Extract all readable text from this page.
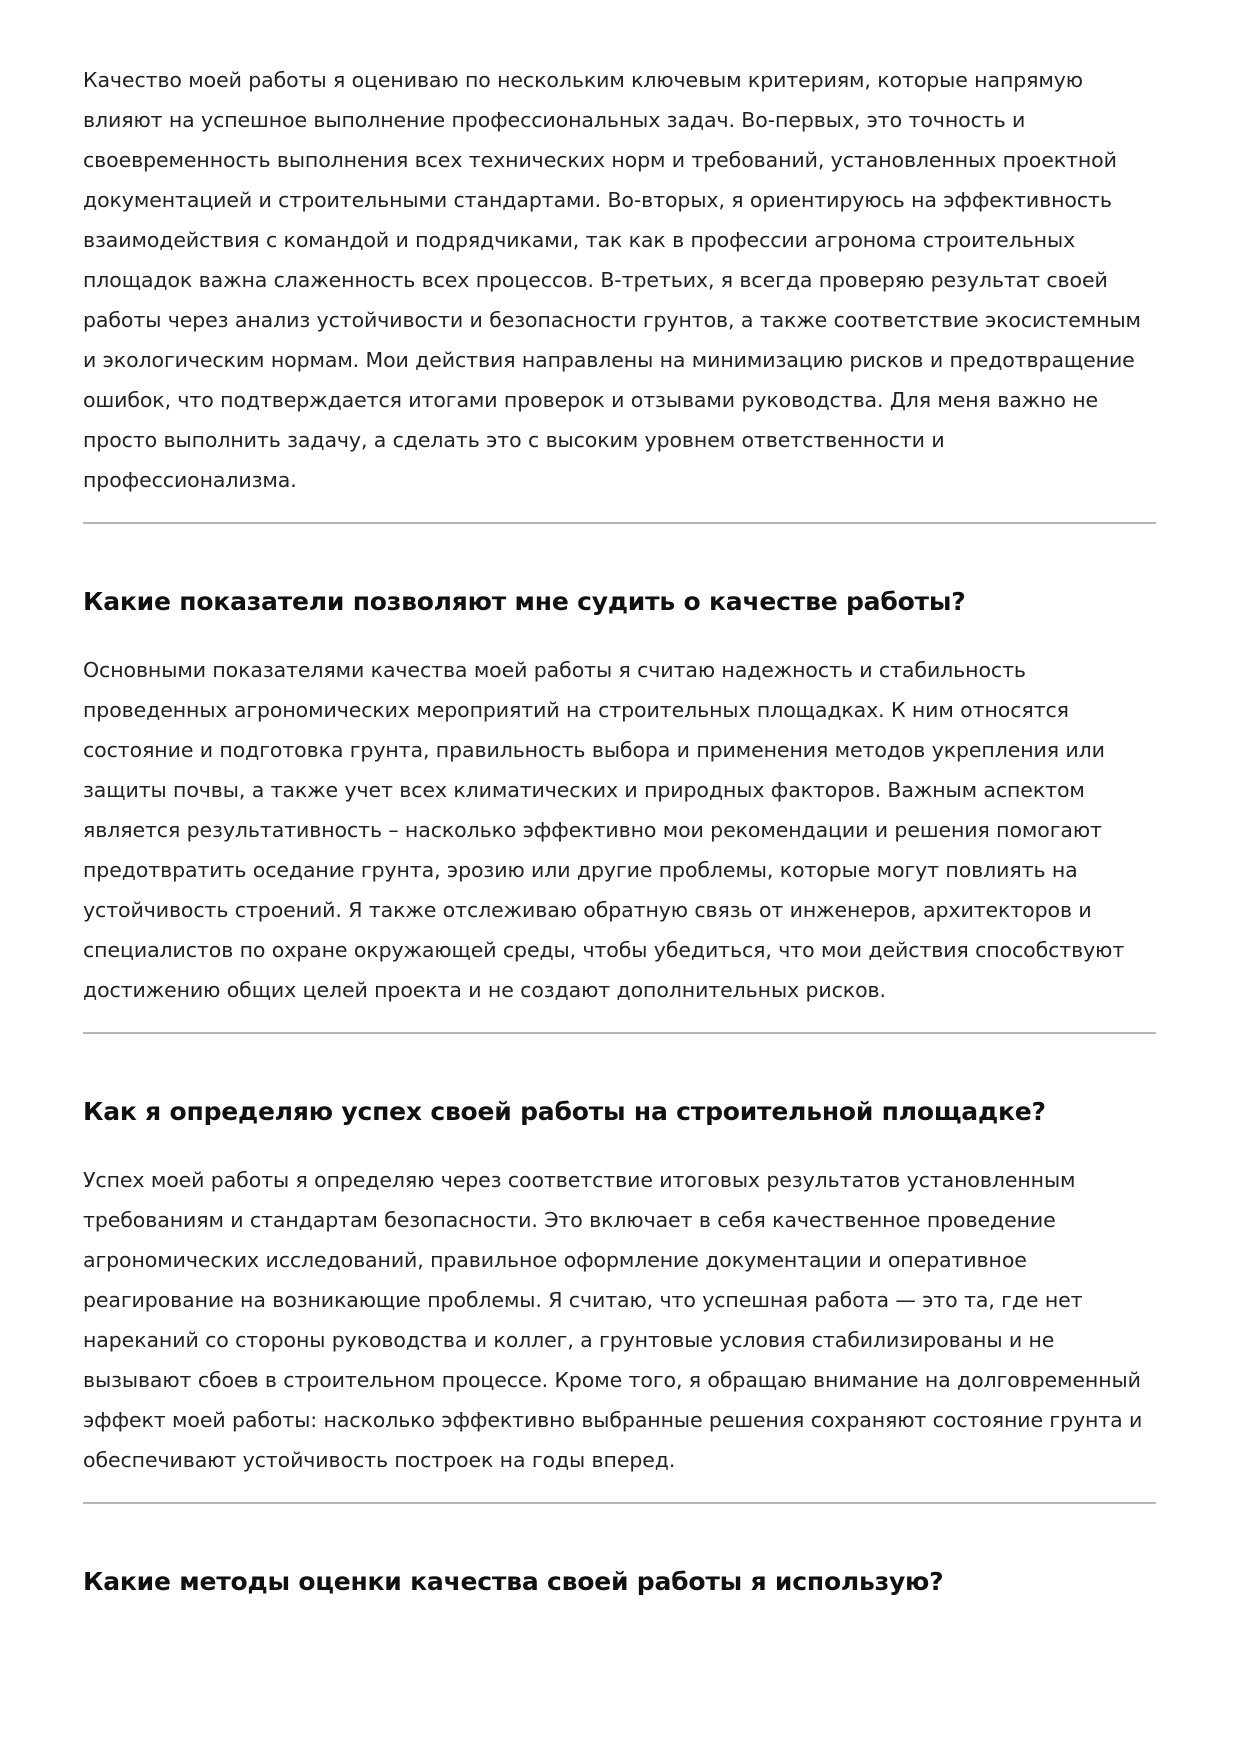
Качество моей работы я оцениваю по нескольким ключевым критериям, которые напрямую влияют на успешное выполнение профессиональных задач. Во-первых, это точность и своевременность выполнения всех технических норм и требований, установленных проектной документацией и строительными стандартами. Во-вторых, я ориентируюсь на эффективность взаимодействия с командой и подрядчиками, так как в профессии агронома строительных площадок важна слаженность всех процессов. В-третьих, я всегда проверяю результат своей работы через анализ устойчивости и безопасности грунтов, а также соответствие экосистемным и экологическим нормам. Мои действия направлены на минимизацию рисков и предотвращение ошибок, что подтверждается итогами проверок и отзывами руководства. Для меня важно не просто выполнить задачу, а сделать это с высоким уровнем ответственности и профессионализма.

Какие показатели позволяют мне судить о качестве работы?

Основными показателями качества моей работы я считаю надежность и стабильность проведенных агрономических мероприятий на строительных площадках. К ним относятся состояние и подготовка грунта, правильность выбора и применения методов укрепления или защиты почвы, а также учет всех климатических и природных факторов. Важным аспектом является результативность – насколько эффективно мои рекомендации и решения помогают предотвратить оседание грунта, эрозию или другие проблемы, которые могут повлиять на устойчивость строений. Я также отслеживаю обратную связь от инженеров, архитекторов и специалистов по охране окружающей среды, чтобы убедиться, что мои действия способствуют достижению общих целей проекта и не создают дополнительных рисков.

Как я определяю успех своей работы на строительной площадке?

Успех моей работы я определяю через соответствие итоговых результатов установленным требованиям и стандартам безопасности. Это включает в себя качественное проведение агрономических исследований, правильное оформление документации и оперативное реагирование на возникающие проблемы. Я считаю, что успешная работа — это та, где нет нареканий со стороны руководства и коллег, а грунтовые условия стабилизированы и не вызывают сбоев в строительном процессе. Кроме того, я обращаю внимание на долговременный эффект моей работы: насколько эффективно выбранные решения сохраняют состояние грунта и обеспечивают устойчивость построек на годы вперед.

Какие методы оценки качества своей работы я использую?
